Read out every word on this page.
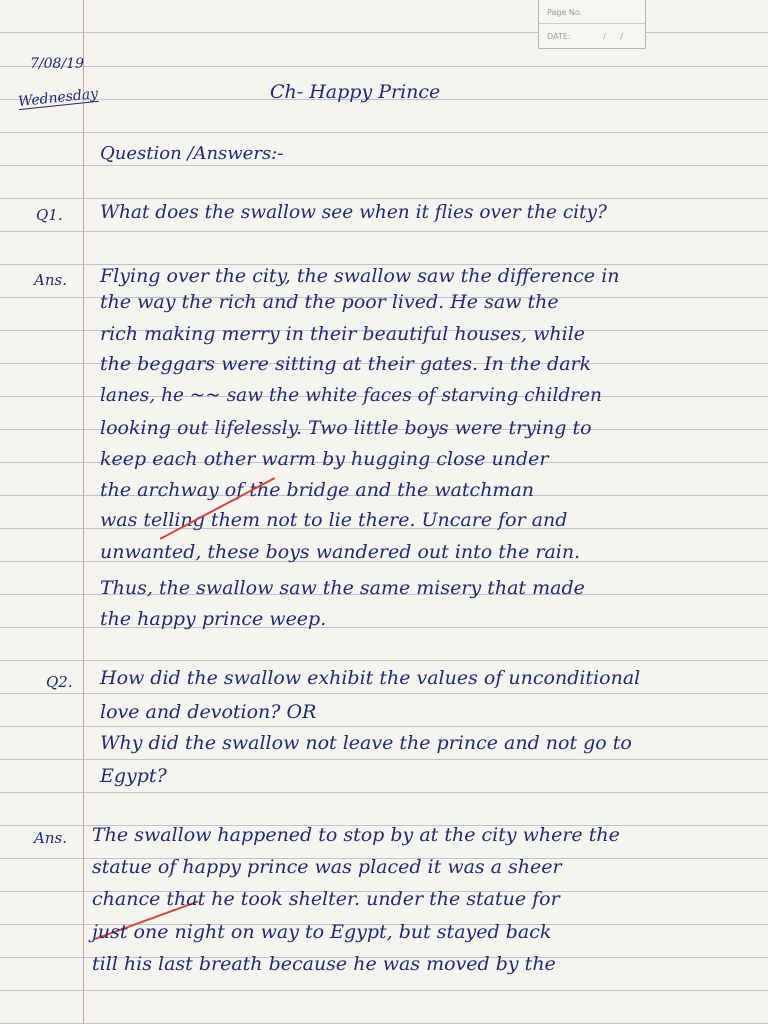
Page No.
DATE:	/ /
7/08/19
Wednesday	Ch- Happy Prince
Question /Answers:-
Q1. What does the swallow see when it flies over the city?
Ans. Flying over the city, the swallow saw the difference in
the way the rich and the poor lived. He saw the
rich making merry in their beautiful houses, while
the beggars were sitting at their gates. In the dark
lanes, he ~~ saw the white faces of starving children
looking out lifelessly. Two little boys were trying to
keep each other warm by hugging close under
the archway of the bridge and the watchman
was telling them not to lie there. Uncare for and
unwanted, these boys wandered out into the rain.
Thus, the swallow saw the same misery that made
the happy prince weep.
Q2. How did the swallow exhibit the values of unconditional
love and devotion? OR
Why did the swallow not leave the prince and not go to
Egypt?
Ans. The swallow happened to stop by at the city where the
statue of happy prince was placed it was a sheer
chance that he took shelter. under the statue for
just one night on way to Egypt, but stayed back
till his last breath because he was moved by the
